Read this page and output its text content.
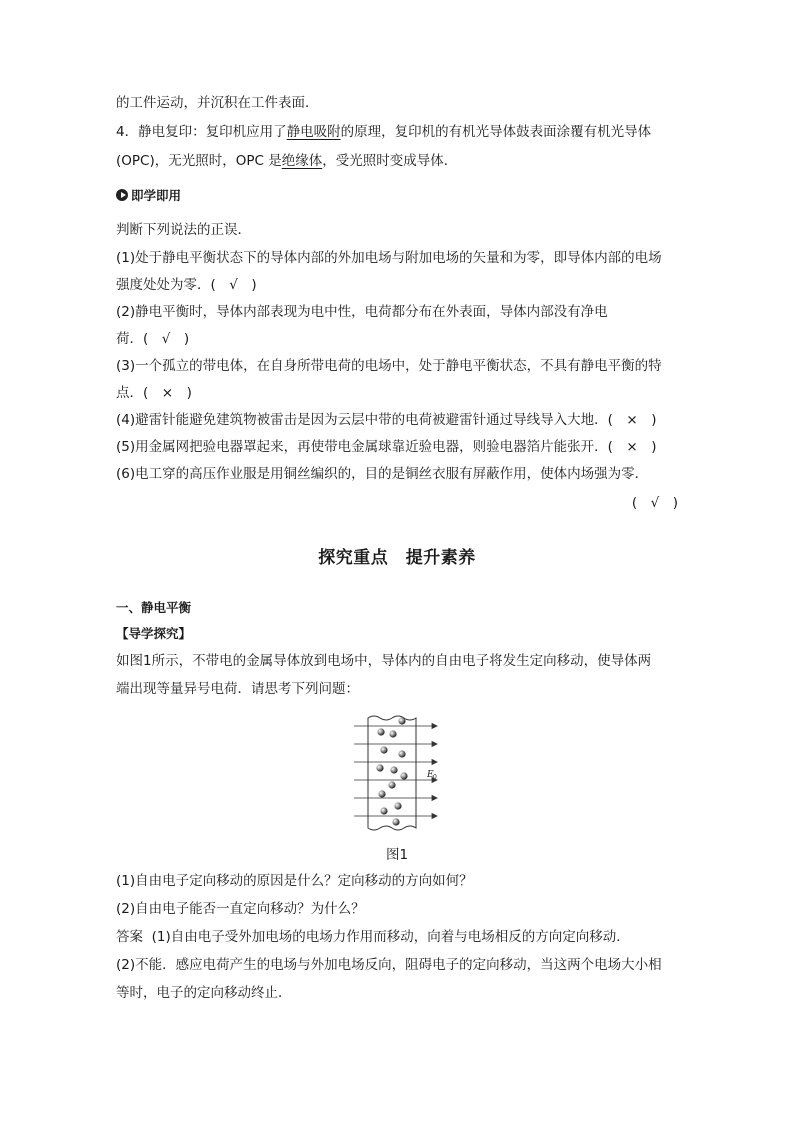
的工件运动，并沉积在工件表面．
4．静电复印：复印机应用了静电吸附的原理，复印机的有机光导体鼓表面涂覆有机光导体
(OPC)，无光照时，OPC 是绝缘体，受光照时变成导体．
即学即用
判断下列说法的正误．
(1)处于静电平衡状态下的导体内部的外加电场与附加电场的矢量和为零，即导体内部的电场
强度处处为零．(　√　)
(2)静电平衡时，导体内部表现为电中性，电荷都分布在外表面，导体内部没有净电
荷．(　√　)
(3)一个孤立的带电体，在自身所带电荷的电场中，处于静电平衡状态，不具有静电平衡的特
点．(　×　)
(4)避雷针能避免建筑物被雷击是因为云层中带的电荷被避雷针通过导线导入大地．(　×　)
(5)用金属网把验电器罩起来，再使带电金属球靠近验电器，则验电器箔片能张开．(　×　)
(6)电工穿的高压作业服是用铜丝编织的，目的是铜丝衣服有屏蔽作用，使体内场强为零．
(　√　)
探究重点　提升素养
一、静电平衡
【导学探究】
如图1所示，不带电的金属导体放到电场中，导体内的自由电子将发生定向移动，使导体两
端出现等量异号电荷．请思考下列问题：
E 0
图1
(1)自由电子定向移动的原因是什么？定向移动的方向如何？
(2)自由电子能否一直定向移动？为什么？
答案 (1)自由电子受外加电场的电场力作用而移动，向着与电场相反的方向定向移动．
(2)不能．感应电荷产生的电场与外加电场反向，阻碍电子的定向移动，当这两个电场大小相
等时，电子的定向移动终止．
